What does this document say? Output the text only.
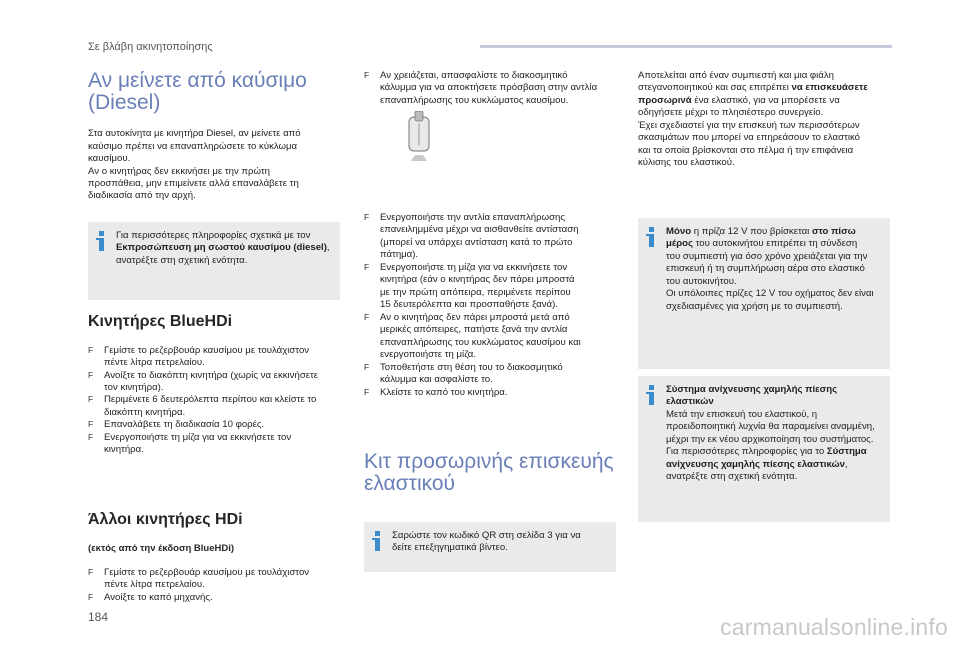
Σε βλάβη ακινητοποίησης
Αν μείνετε από καύσιμο
(Diesel)

Στα αυτοκίνητα με κινητήρα Diesel, αν μείνετε από

καύσιμο πρέπει να επαναπληρώσετε το κύκλωμα

καυσίμου.

Αν ο κινητήρας δεν εκκινήσει με την πρώτη

προσπάθεια, μην επιμείνετε αλλά επαναλάβετε τη

διαδικασία από την αρχή.

Για περισσότερες πληροφορίες σχετικά με τον

Εκπροσώπευση μη σωστού καυσίμου (diesel),

ανατρέξτε στη σχετική ενότητα.

Κινητήρες BlueHDi

F Γεμίστε το ρεζερβουάρ καυσίμου με τουλάχιστον

πέντε λίτρα πετρελαίου.

F Ανοίξτε το διακόπτη κινητήρα (χωρίς να εκκινήσετε

τον κινητήρα).

F Περιμένετε 6 δευτερόλεπτα περίπου και κλείστε το

διακόπτη κινητήρα.

F Επαναλάβετε τη διαδικασία 10 φορές.

F Ενεργοποιήστε τη μίζα για να εκκινήσετε τον

κινητήρα.

Άλλοι κινητήρες HDi
(εκτός από την έκδοση BlueHDi)

F Γεμίστε το ρεζερβουάρ καυσίμου με τουλάχιστον

πέντε λίτρα πετρελαίου.

F Ανοίξτε το καπό μηχανής.

F Αν χρειάζεται, απασφαλίστε το διακοσμητικό

κάλυμμα για να αποκτήσετε πρόσβαση στην αντλία

επαναπλήρωσης του κυκλώματος καυσίμου.

F Ενεργοποιήστε την αντλία επαναπλήρωσης

επανειλημμένα μέχρι να αισθανθείτε αντίσταση

(μπορεί να υπάρχει αντίσταση κατά το πρώτο

πάτημα).

F Ενεργοποιήστε τη μίζα για να εκκινήσετε τον

κινητήρα (εάν ο κινητήρας δεν πάρει μπροστά

με την πρώτη απόπειρα, περιμένετε περίπου

15 δευτερόλεπτα και προσπαθήστε ξανά).

F Αν ο κινητήρας δεν πάρει μπροστά μετά από

μερικές απόπειρες, πατήστε ξανά την αντλία

επαναπλήρωσης του κυκλώματος καυσίμου και

ενεργοποιήστε τη μίζα.

F Τοποθετήστε στη θέση του το διακοσμητικό

κάλυμμα και ασφαλίστε το.

F Κλείστε το καπό του κινητήρα.

Κιτ προσωρινής επισκευής
ελαστικού

Σαρώστε τον κωδικό QR στη σελίδα 3 για να

δείτε επεξηγηματικά βίντεο.

Αποτελείται από έναν συμπιεστή και μια φιάλη

στεγανοποιητικού και σας επιτρέπει να επισκευάσετε

προσωρινά ένα ελαστικό, για να μπορέσετε να

οδηγήσετε μέχρι το πλησιέστερο συνεργείο.

Έχει σχεδιαστεί για την επισκευή των περισσότερων

σκασιμάτων που μπορεί να επηρεάσουν το ελαστικό

και τα οποία βρίσκονται στο πέλμα ή την επιφάνεια

κύλισης του ελαστικού.

Μόνο η πρίζα 12 V που βρίσκεται στο πίσω

μέρος του αυτοκινήτου επιτρέπει τη σύνδεση

του συμπιεστή για όσο χρόνο χρειάζεται για την

επισκευή ή τη συμπλήρωση αέρα στο ελαστικό

του αυτοκινήτου.

Οι υπόλοιπες πρίζες 12 V του οχήματος δεν είναι

σχεδιασμένες για χρήση με το συμπιεστή.

Σύστημα ανίχνευσης χαμηλής πίεσης

ελαστικών

Μετά την επισκευή του ελαστικού, η

προειδοποιητική λυχνία θα παραμείνει αναμμένη,

μέχρι την εκ νέου αρχικοποίηση του συστήματος.

Για περισσότερες πληροφορίες για το Σύστημα

ανίχνευσης χαμηλής πίεσης ελαστικών,

ανατρέξτε στη σχετική ενότητα.

184	carmanualsonline.info
